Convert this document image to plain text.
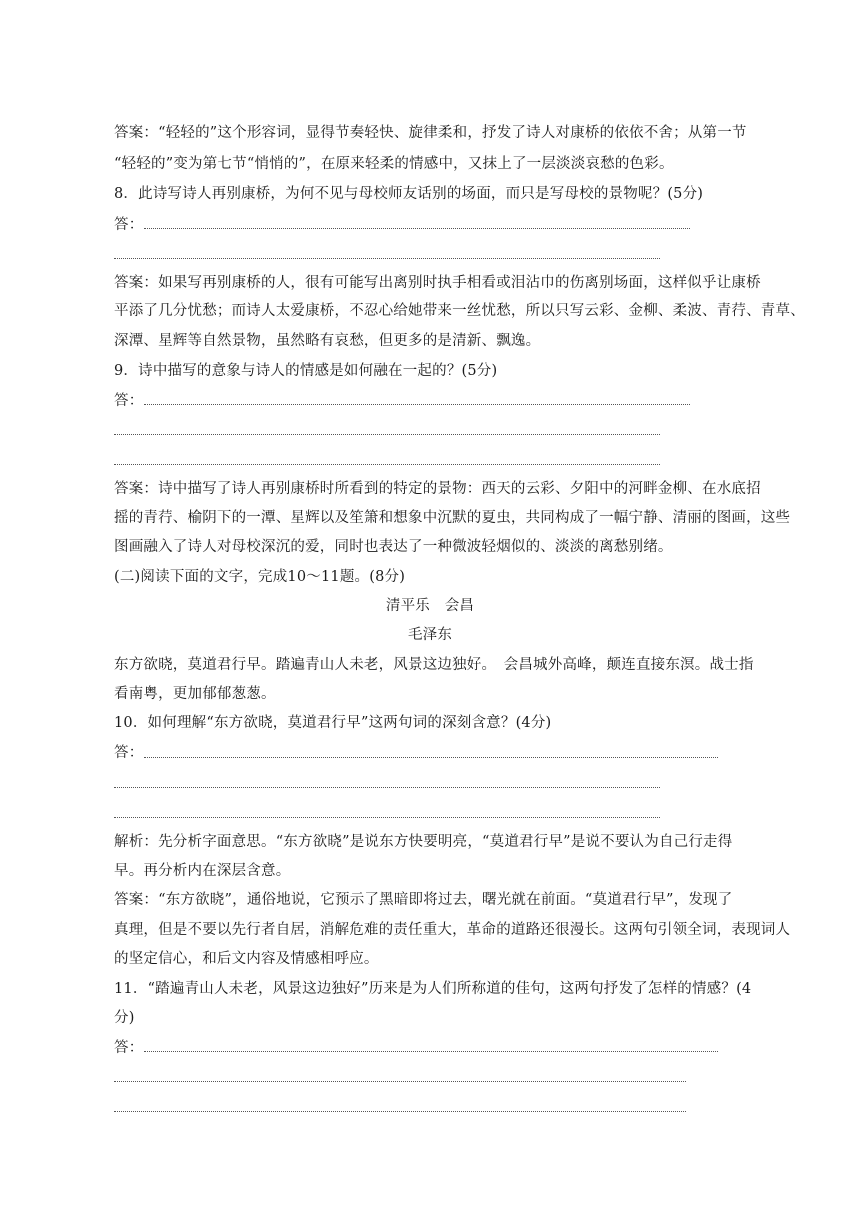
答案：“轻轻的”这个形容词，显得节奏轻快、旋律柔和，抒发了诗人对康桥的依依不舍；从第一节
“轻轻的”变为第七节“悄悄的”，在原来轻柔的情感中，又抹上了一层淡淡哀愁的色彩。
8．此诗写诗人再别康桥，为何不见与母校师友话别的场面，而只是写母校的景物呢？(5分)
答：
答案：如果写再别康桥的人，很有可能写出离别时执手相看或泪沾巾的伤离别场面，这样似乎让康桥
平添了几分忧愁；而诗人太爱康桥，不忍心给她带来一丝忧愁，所以只写云彩、金柳、柔波、青荇、青草、
深潭、星辉等自然景物，虽然略有哀愁，但更多的是清新、飘逸。
9．诗中描写的意象与诗人的情感是如何融在一起的？(5分)
答：
答案：诗中描写了诗人再别康桥时所看到的特定的景物：西天的云彩、夕阳中的河畔金柳、在水底招
摇的青荇、榆阴下的一潭、星辉以及笙箫和想象中沉默的夏虫，共同构成了一幅宁静、清丽的图画，这些
图画融入了诗人对母校深沉的爱，同时也表达了一种微波轻烟似的、淡淡的离愁别绪。
(二)阅读下面的文字，完成10～11题。(8分)
清平乐　会昌
毛泽东
东方欲晓，莫道君行早。踏遍青山人未老，风景这边独好。　会昌城外高峰，颠连直接东溟。战士指
看南粤，更加郁郁葱葱。
10．如何理解“东方欲晓，莫道君行早”这两句词的深刻含意？(4分)
答：
解析：先分析字面意思。“东方欲晓”是说东方快要明亮，“莫道君行早”是说不要认为自己行走得
早。再分析内在深层含意。
答案：“东方欲晓”，通俗地说，它预示了黑暗即将过去，曙光就在前面。“莫道君行早”，发现了
真理，但是不要以先行者自居，消解危难的责任重大，革命的道路还很漫长。这两句引领全词，表现词人
的坚定信心，和后文内容及情感相呼应。
11．“踏遍青山人未老，风景这边独好”历来是为人们所称道的佳句，这两句抒发了怎样的情感？(4
分)
答：
